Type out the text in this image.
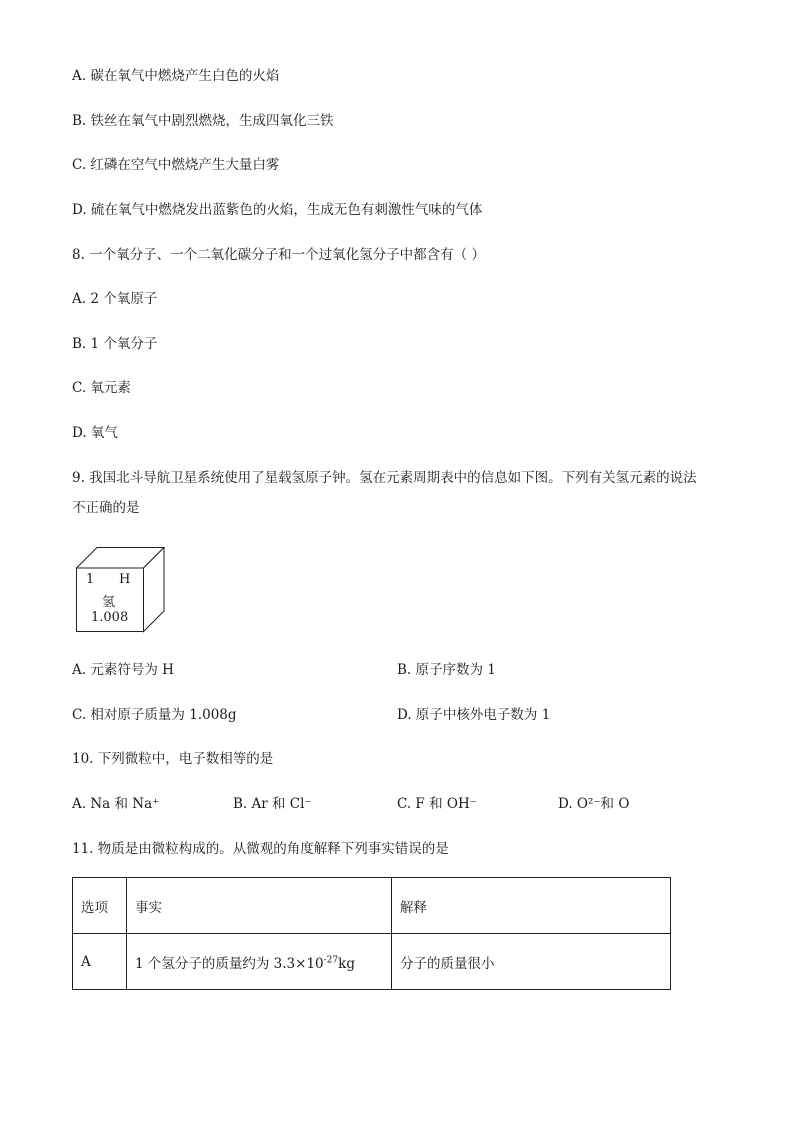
A. 碳在氧气中燃烧产生白色的火焰
B. 铁丝在氧气中剧烈燃烧，生成四氧化三铁
C. 红磷在空气中燃烧产生大量白雾
D. 硫在氧气中燃烧发出蓝紫色的火焰，生成无色有刺激性气味的气体
8. 一个氧分子、一个二氧化碳分子和一个过氧化氢分子中都含有（ ）
A. 2 个氧原子
B. 1 个氧分子
C. 氧元素
D. 氧气
9. 我国北斗导航卫星系统使用了星载氢原子钟。氢在元素周期表中的信息如下图。下列有关氢元素的说法
不正确的是
1 H
氢
1.008
A. 元素符号为 H	B. 原子序数为 1
C. 相对原子质量为 1.008g	D. 原子中核外电子数为 1
10. 下列微粒中，电子数相等的是
A. Na 和 Na⁺	B. Ar 和 Cl⁻	C. F 和 OH⁻	D. O²⁻和 O
11. 物质是由微粒构成的。从微观的角度解释下列事实错误的是
选项	事实	解释
A	1 个氢分子的质量约为 $3.3\times 10^{-27}kg$	分子的质量很小
